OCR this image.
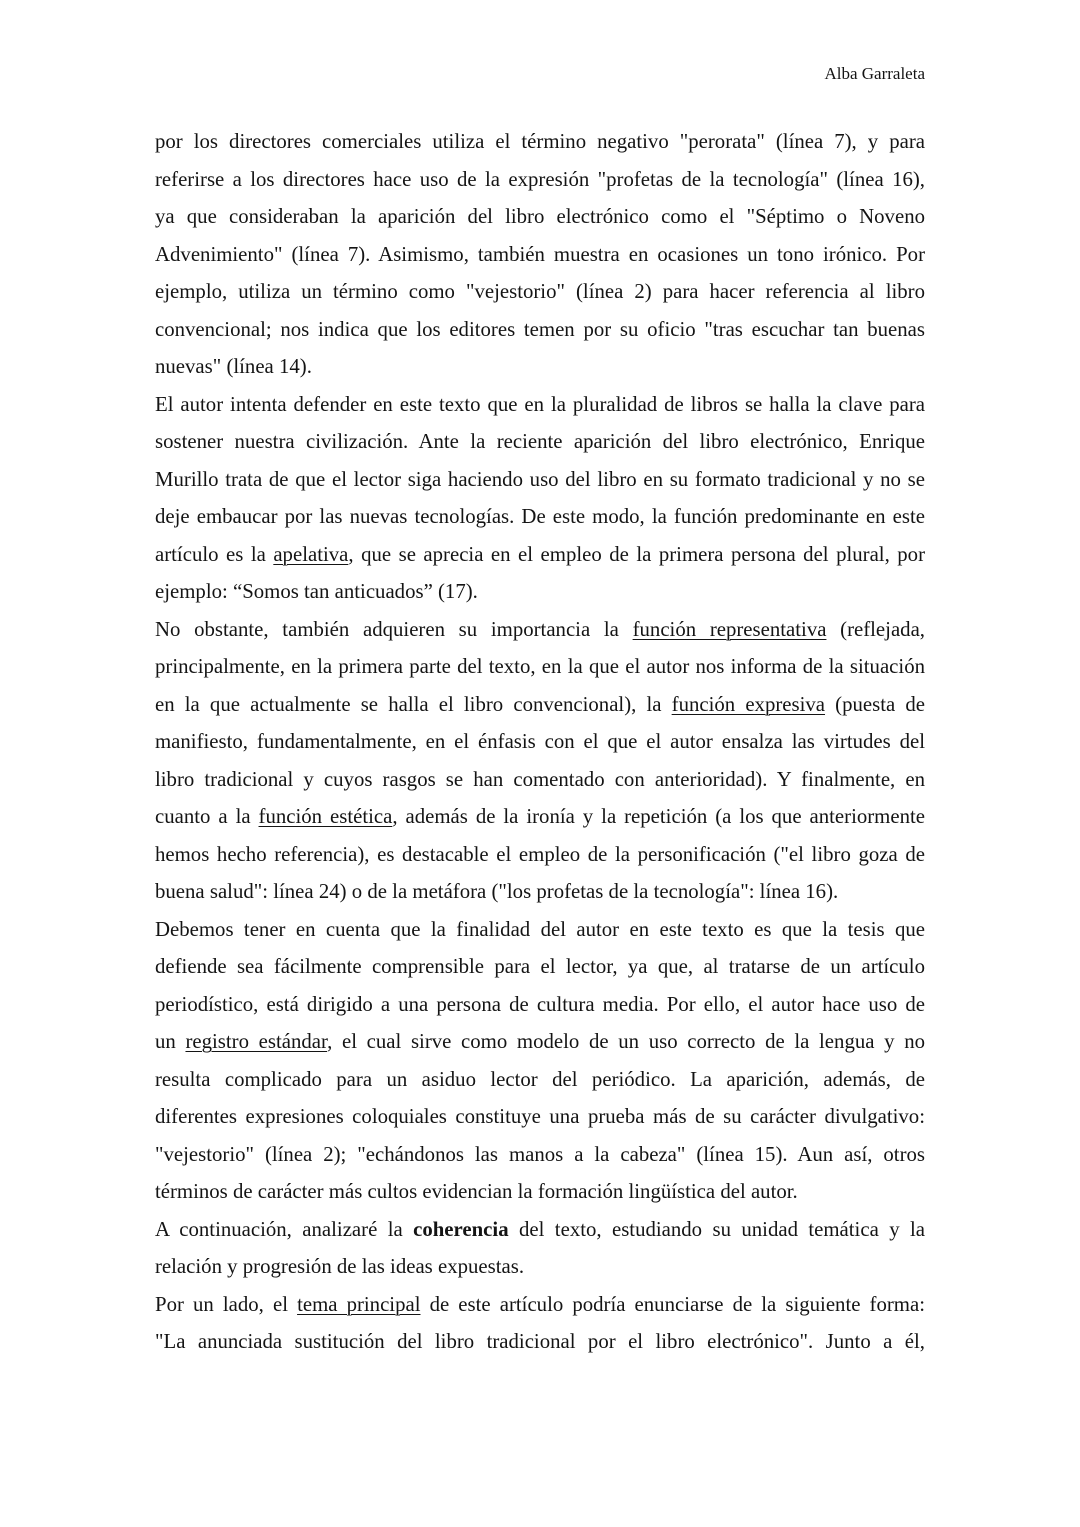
Alba Garraleta
por los directores comerciales utiliza el término negativo "perorata" (línea 7), y para
referirse a los directores hace uso de la expresión "profetas de la tecnología" (línea 16),
ya que consideraban la aparición del libro electrónico como el "Séptimo o Noveno
Advenimiento" (línea 7). Asimismo, también muestra en ocasiones un tono irónico. Por
ejemplo, utiliza un término como "vejestorio" (línea 2) para hacer referencia al libro
convencional; nos indica que los editores temen por su oficio "tras escuchar tan buenas
nuevas" (línea 14).
El autor intenta defender en este texto que en la pluralidad de libros se halla la clave para
sostener nuestra civilización. Ante la reciente aparición del libro electrónico, Enrique
Murillo trata de que el lector siga haciendo uso del libro en su formato tradicional y no se
deje embaucar por las nuevas tecnologías. De este modo, la función predominante en este
artículo es la apelativa, que se aprecia en el empleo de la primera persona del plural, por
ejemplo: “Somos tan anticuados” (17).
No obstante, también adquieren su importancia la función representativa (reflejada,
principalmente, en la primera parte del texto, en la que el autor nos informa de la situación
en la que actualmente se halla el libro convencional), la función expresiva (puesta de
manifiesto, fundamentalmente, en el énfasis con el que el autor ensalza las virtudes del
libro tradicional y cuyos rasgos se han comentado con anterioridad). Y finalmente, en
cuanto a la función estética, además de la ironía y la repetición (a los que anteriormente
hemos hecho referencia), es destacable el empleo de la personificación ("el libro goza de
buena salud": línea 24) o de la metáfora ("los profetas de la tecnología": línea 16).
Debemos tener en cuenta que la finalidad del autor en este texto es que la tesis que
defiende sea fácilmente comprensible para el lector, ya que, al tratarse de un artículo
periodístico, está dirigido a una persona de cultura media. Por ello, el autor hace uso de
un registro estándar, el cual sirve como modelo de un uso correcto de la lengua y no
resulta complicado para un asiduo lector del periódico. La aparición, además, de
diferentes expresiones coloquiales constituye una prueba más de su carácter divulgativo:
"vejestorio" (línea 2); "echándonos las manos a la cabeza" (línea 15). Aun así, otros
términos de carácter más cultos evidencian la formación lingüística del autor.
A continuación, analizaré la coherencia del texto, estudiando su unidad temática y la
relación y progresión de las ideas expuestas.
Por un lado, el tema principal de este artículo podría enunciarse de la siguiente forma:
"La anunciada sustitución del libro tradicional por el libro electrónico". Junto a él,
